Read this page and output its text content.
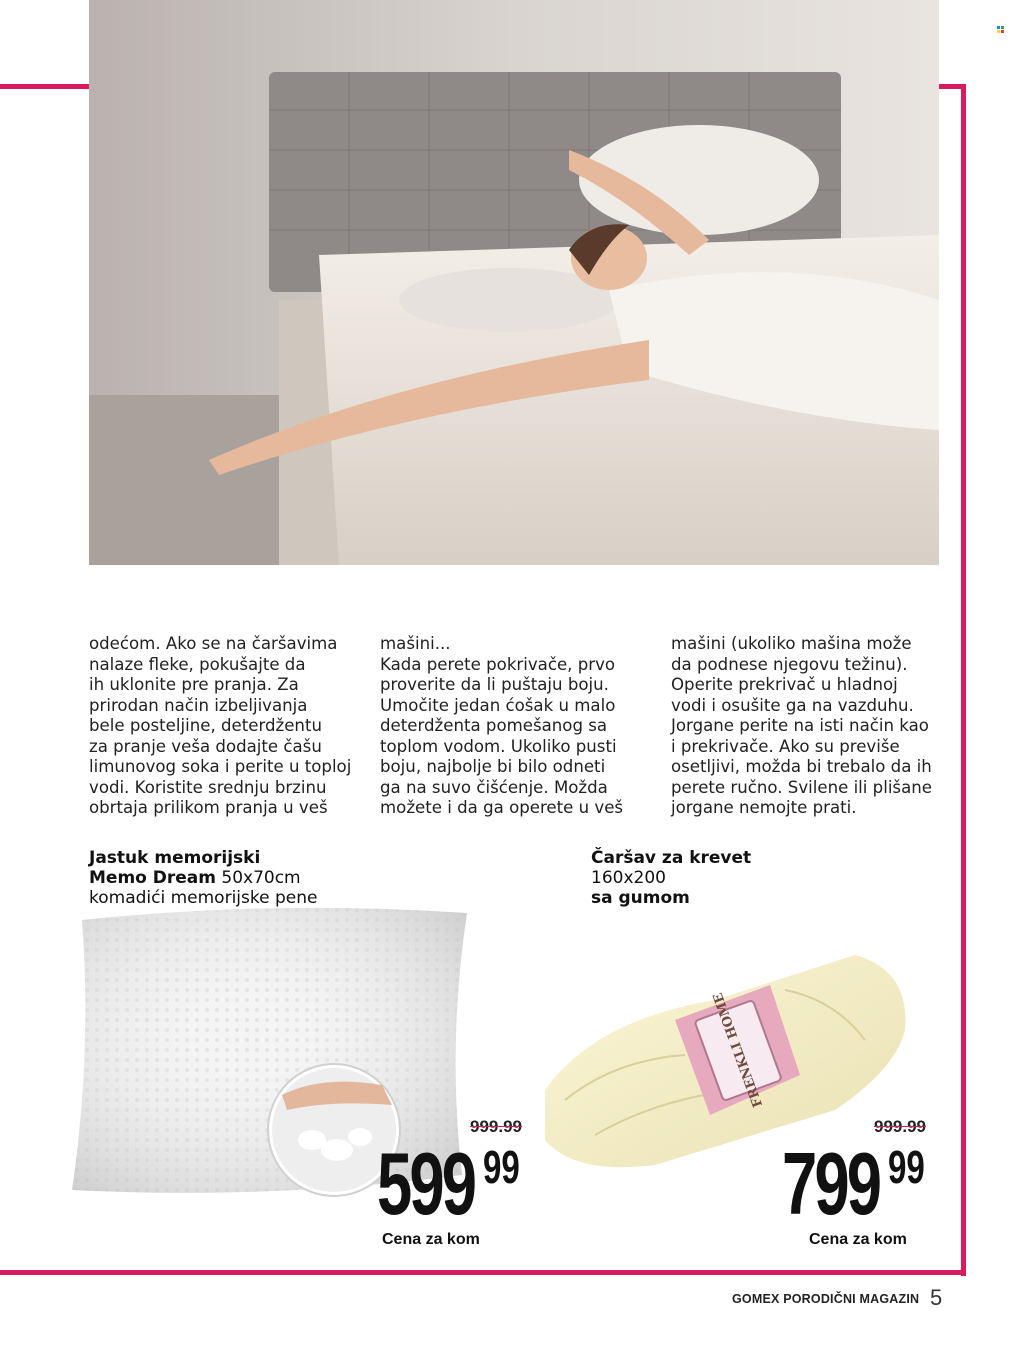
odećom. Ako se na čaršavima
nalaze fleke, pokušajte da
ih uklonite pre pranja. Za
prirodan način izbeljivanja
bele posteljine, deterdžentu
za pranje veša dodajte čašu
limunovog soka i perite u toploj
vodi. Koristite srednju brzinu
obrtaja prilikom pranja u veš
mašini...
Kada perete pokrivače, prvo
proverite da li puštaju boju.
Umočite jedan ćošak u malo
deterdženta pomešanog sa
toplom vodom. Ukoliko pusti
boju, najbolje bi bilo odneti
ga na suvo čišćenje. Možda
možete i da ga operete u veš
mašini (ukoliko mašina može
da podnese njegovu težinu).
Operite prekrivač u hladnoj
vodi i osušite ga na vazduhu.
Jorgane perite na isti način kao
i prekrivače. Ako su previše
osetljivi, možda bi trebalo da ih
perete ručno. Svilene ili plišane
jorgane nemojte prati.
Jastuk memorijski
Memo Dream 50x70cm
komadići memorijske pene
999.99
599 99
Cena za kom
Čaršav za krevet
160x200
sa gumom
FRENKLI HOME
999.99
799 99
Cena za kom
GOMEX PORODIČNI MAGAZIN 5
